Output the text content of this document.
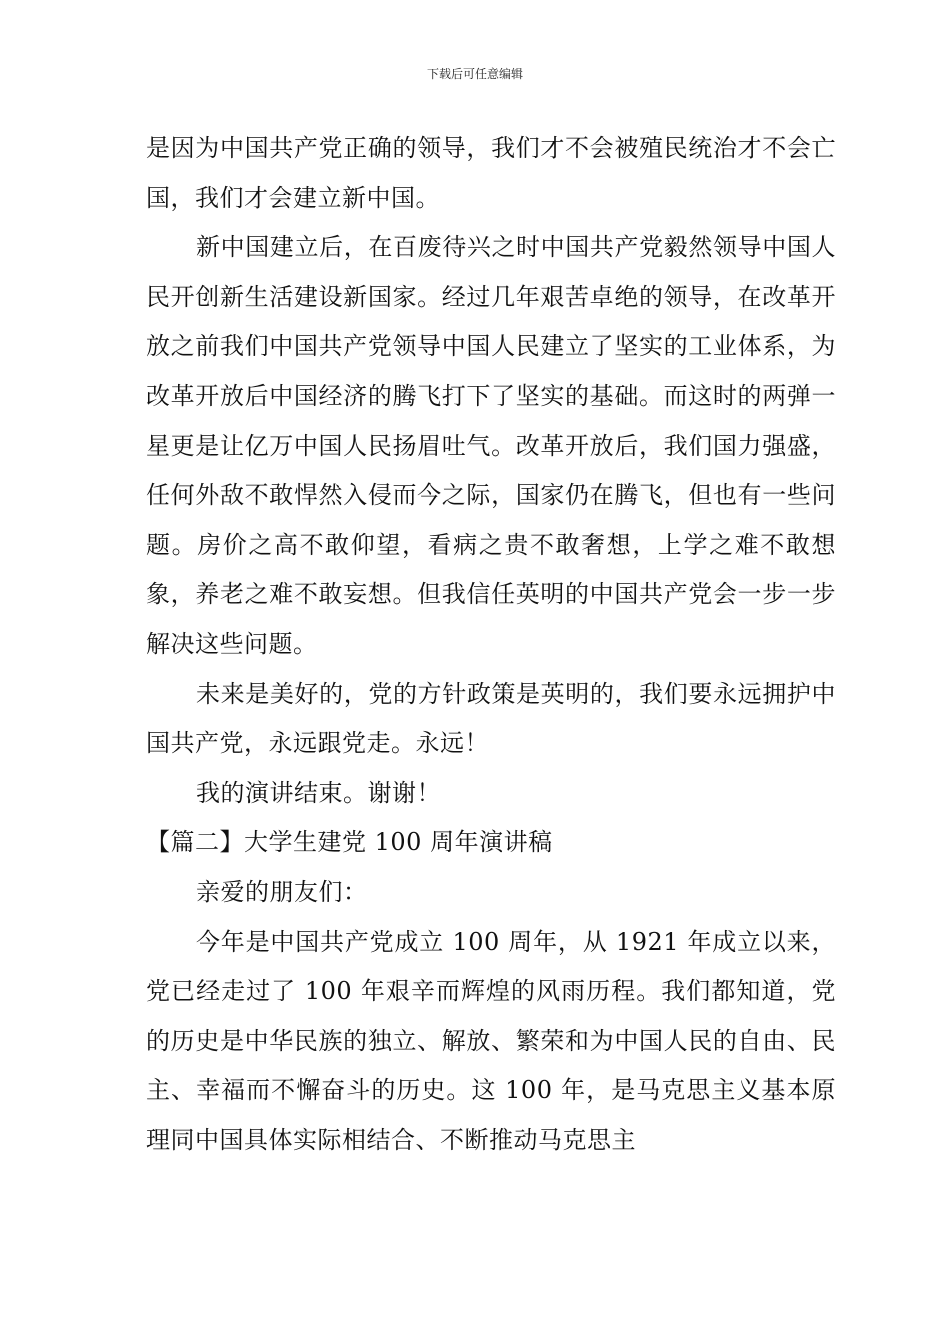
下载后可任意编辑

是因为中国共产党正确的领导，我们才不会被殖民统治才不会亡国，我们才会建立新中国。

新中国建立后，在百废待兴之时中国共产党毅然领导中国人民开创新生活建设新国家。经过几年艰苦卓绝的领导，在改革开放之前我们中国共产党领导中国人民建立了坚实的工业体系，为改革开放后中国经济的腾飞打下了坚实的基础。而这时的两弹一星更是让亿万中国人民扬眉吐气。改革开放后，我们国力强盛，任何外敌不敢悍然入侵而今之际，国家仍在腾飞，但也有一些问题。房价之高不敢仰望，看病之贵不敢奢想，上学之难不敢想象，养老之难不敢妄想。但我信任英明的中国共产党会一步一步解决这些问题。

未来是美好的，党的方针政策是英明的，我们要永远拥护中国共产党，永远跟党走。永远！

我的演讲结束。谢谢！

【篇二】大学生建党 100 周年演讲稿

亲爱的朋友们：

今年是中国共产党成立 100 周年，从 1921 年成立以来，党已经走过了 100 年艰辛而辉煌的风雨历程。我们都知道，党的历史是中华民族的独立、解放、繁荣和为中国人民的自由、民主、幸福而不懈奋斗的历史。这 100 年，是马克思主义基本原理同中国具体实际相结合、不断推动马克思主
